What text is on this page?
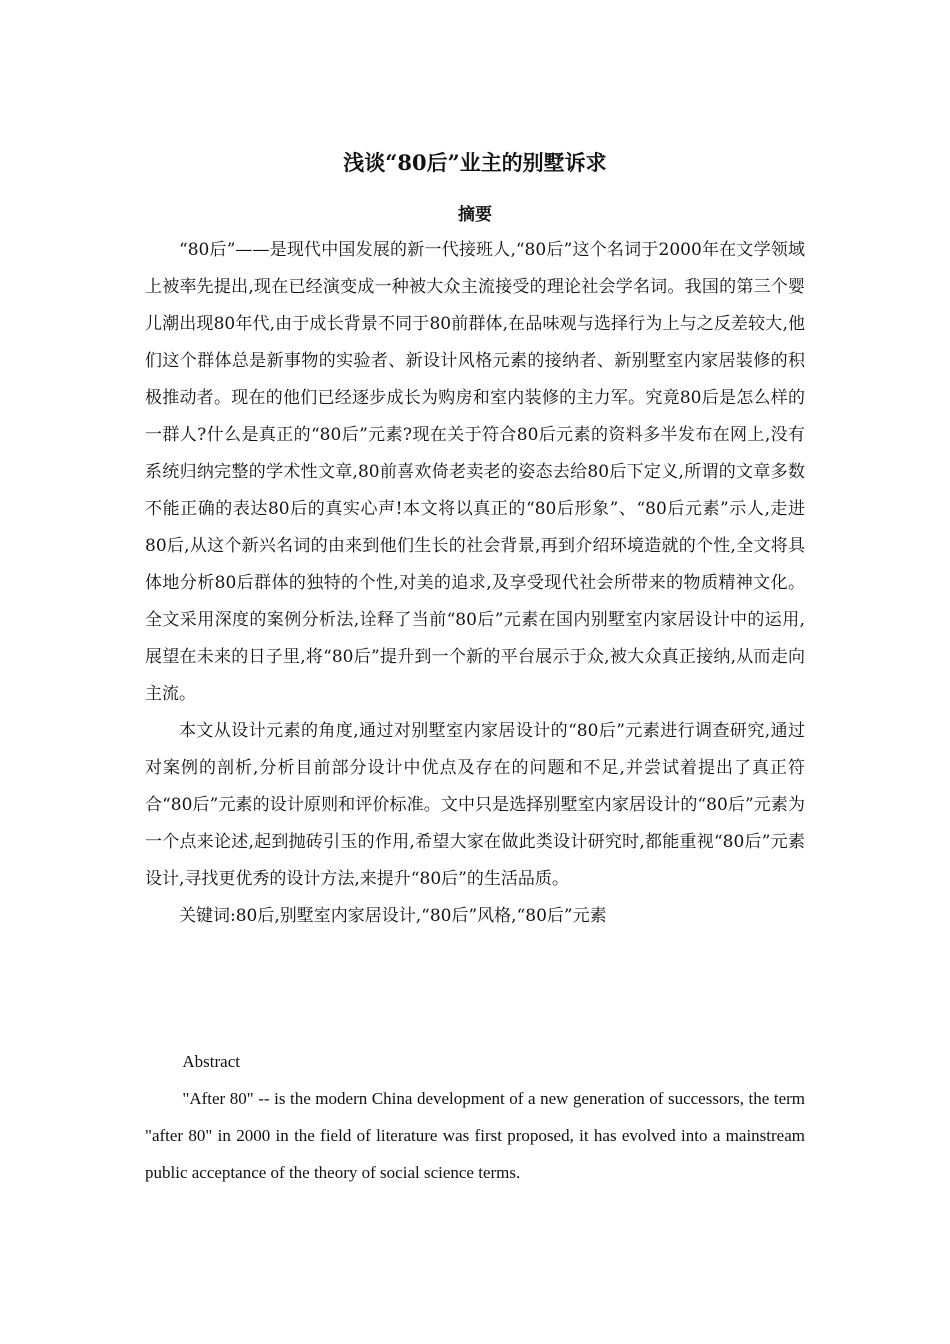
浅谈“80后”业主的别墅诉求
摘要

“80后”——是现代中国发展的新一代接班人,“80后”这个名词于2000年在文学领域上被率先提出,现在已经演变成一种被大众主流接受的理论社会学名词。我国的第三个婴儿潮出现80年代,由于成长背景不同于80前群体,在品味观与选择行为上与之反差较大,他们这个群体总是新事物的实验者、新设计风格元素的接纳者、新别墅室内家居装修的积极推动者。现在的他们已经逐步成长为购房和室内装修的主力军。究竟80后是怎么样的一群人?什么是真正的“80后”元素?现在关于符合80后元素的资料多半发布在网上,没有系统归纳完整的学术性文章,80前喜欢倚老卖老的姿态去给80后下定义,所谓的文章多数不能正确的表达80后的真实心声!本文将以真正的“80后形象”、“80后元素”示人,走进80后,从这个新兴名词的由来到他们生长的社会背景,再到介绍环境造就的个性,全文将具体地分析80后群体的独特的个性,对美的追求,及享受现代社会所带来的物质精神文化。全文采用深度的案例分析法,诠释了当前“80后”元素在国内别墅室内家居设计中的运用,展望在未来的日子里,将“80后”提升到一个新的平台展示于众,被大众真正接纳,从而走向主流。

本文从设计元素的角度,通过对别墅室内家居设计的“80后”元素进行调查研究,通过对案例的剖析,分析目前部分设计中优点及存在的问题和不足,并尝试着提出了真正符合“80后”元素的设计原则和评价标准。文中只是选择别墅室内家居设计的“80后”元素为一个点来论述,起到抛砖引玉的作用,希望大家在做此类设计研究时,都能重视“80后”元素设计,寻找更优秀的设计方法,来提升“80后”的生活品质。

关键词:80后,别墅室内家居设计,“80后”风格,“80后”元素

Abstract

"After 80" -- is the modern China development of a new generation of successors, the term "after 80" in 2000 in the field of literature was first proposed, it has evolved into a mainstream public acceptance of the theory of social science terms.
